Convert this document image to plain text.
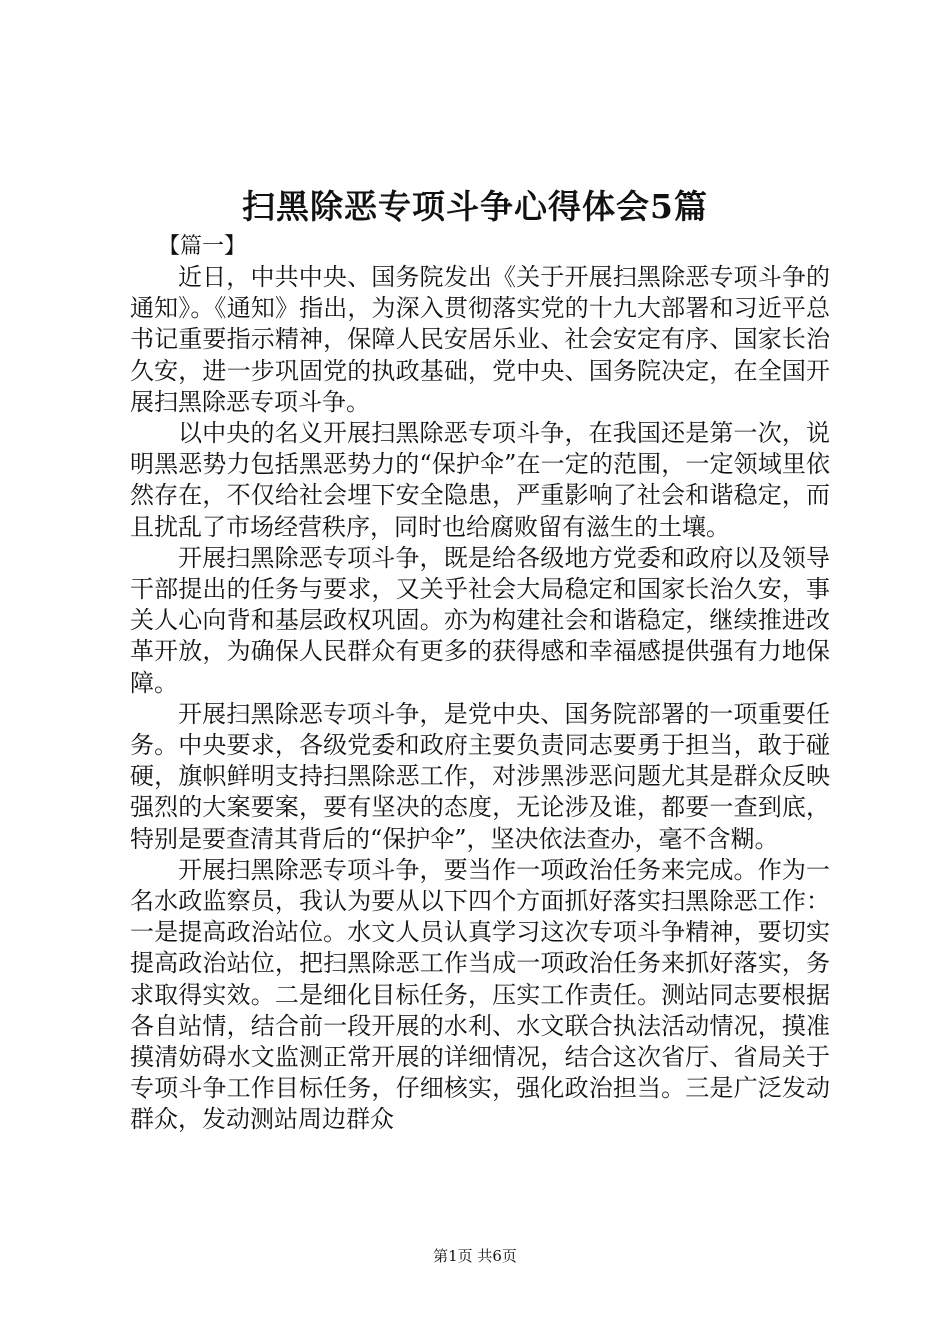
扫黑除恶专项斗争心得体会5篇
【篇一】

近日，中共中央、国务院发出《关于开展扫黑除恶专项斗争的通知》。《通知》指出，为深入贯彻落实党的十九大部署和习近平总书记重要指示精神，保障人民安居乐业、社会安定有序、国家长治久安，进一步巩固党的执政基础，党中央、国务院决定，在全国开展扫黑除恶专项斗争。

以中央的名义开展扫黑除恶专项斗争，在我国还是第一次，说明黑恶势力包括黑恶势力的“保护伞”在一定的范围，一定领域里依然存在，不仅给社会埋下安全隐患，严重影响了社会和谐稳定，而且扰乱了市场经营秩序，同时也给腐败留有滋生的土壤。

开展扫黑除恶专项斗争，既是给各级地方党委和政府以及领导干部提出的任务与要求，又关乎社会大局稳定和国家长治久安，事关人心向背和基层政权巩固。亦为构建社会和谐稳定，继续推进改革开放，为确保人民群众有更多的获得感和幸福感提供强有力地保障。

开展扫黑除恶专项斗争，是党中央、国务院部署的一项重要任务。中央要求，各级党委和政府主要负责同志要勇于担当，敢于碰硬，旗帜鲜明支持扫黑除恶工作，对涉黑涉恶问题尤其是群众反映强烈的大案要案，要有坚决的态度，无论涉及谁，都要一查到底，特别是要查清其背后的“保护伞”，坚决依法查办，毫不含糊。

开展扫黑除恶专项斗争，要当作一项政治任务来完成。作为一名水政监察员，我认为要从以下四个方面抓好落实扫黑除恶工作：一是提高政治站位。水文人员认真学习这次专项斗争精神，要切实提高政治站位，把扫黑除恶工作当成一项政治任务来抓好落实，务求取得实效。二是细化目标任务，压实工作责任。测站同志要根据各自站情，结合前一段开展的水利、水文联合执法活动情况，摸准摸清妨碍水文监测正常开展的详细情况，结合这次省厅、省局关于专项斗争工作目标任务，仔细核实，强化政治担当。三是广泛发动群众，发动测站周边群众

第1页 共6页
